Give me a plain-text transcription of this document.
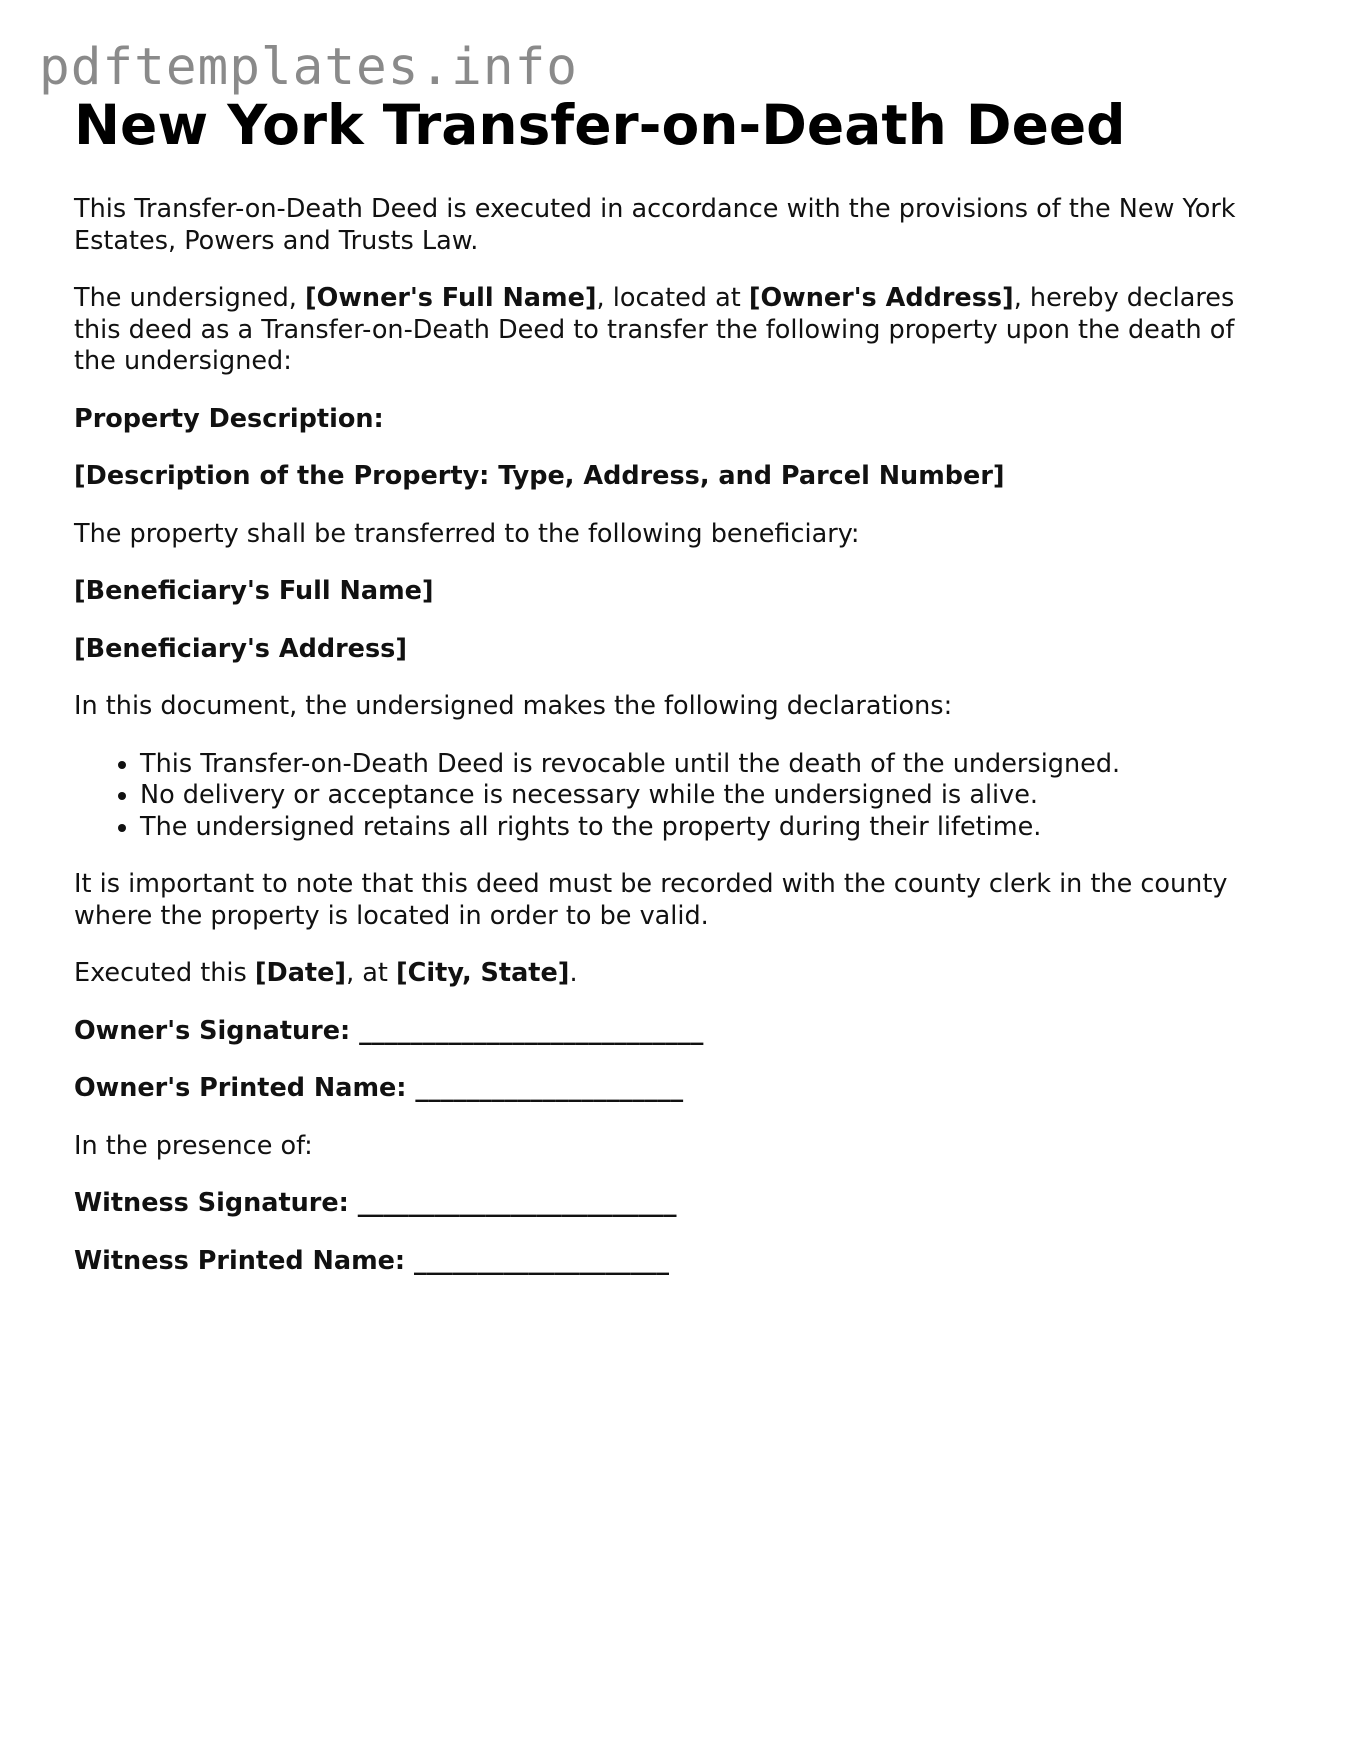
pdftemplates.info
New York Transfer-on-Death Deed

This Transfer-on-Death Deed is executed in accordance with the provisions of the New York Estates, Powers and Trusts Law.

The undersigned, [Owner's Full Name], located at [Owner's Address], hereby declares this deed as a Transfer-on-Death Deed to transfer the following property upon the death of the undersigned:

Property Description:

[Description of the Property: Type, Address, and Parcel Number]

The property shall be transferred to the following beneficiary:

[Beneficiary's Full Name]

[Beneficiary's Address]

In this document, the undersigned makes the following declarations:

• This Transfer-on-Death Deed is revocable until the death of the undersigned.
• No delivery or acceptance is necessary while the undersigned is alive.
• The undersigned retains all rights to the property during their lifetime.

It is important to note that this deed must be recorded with the county clerk in the county where the property is located in order to be valid.

Executed this [Date], at [City, State].

Owner's Signature: ___________________________

Owner's Printed Name: _____________________

In the presence of:

Witness Signature: _________________________

Witness Printed Name: ____________________
